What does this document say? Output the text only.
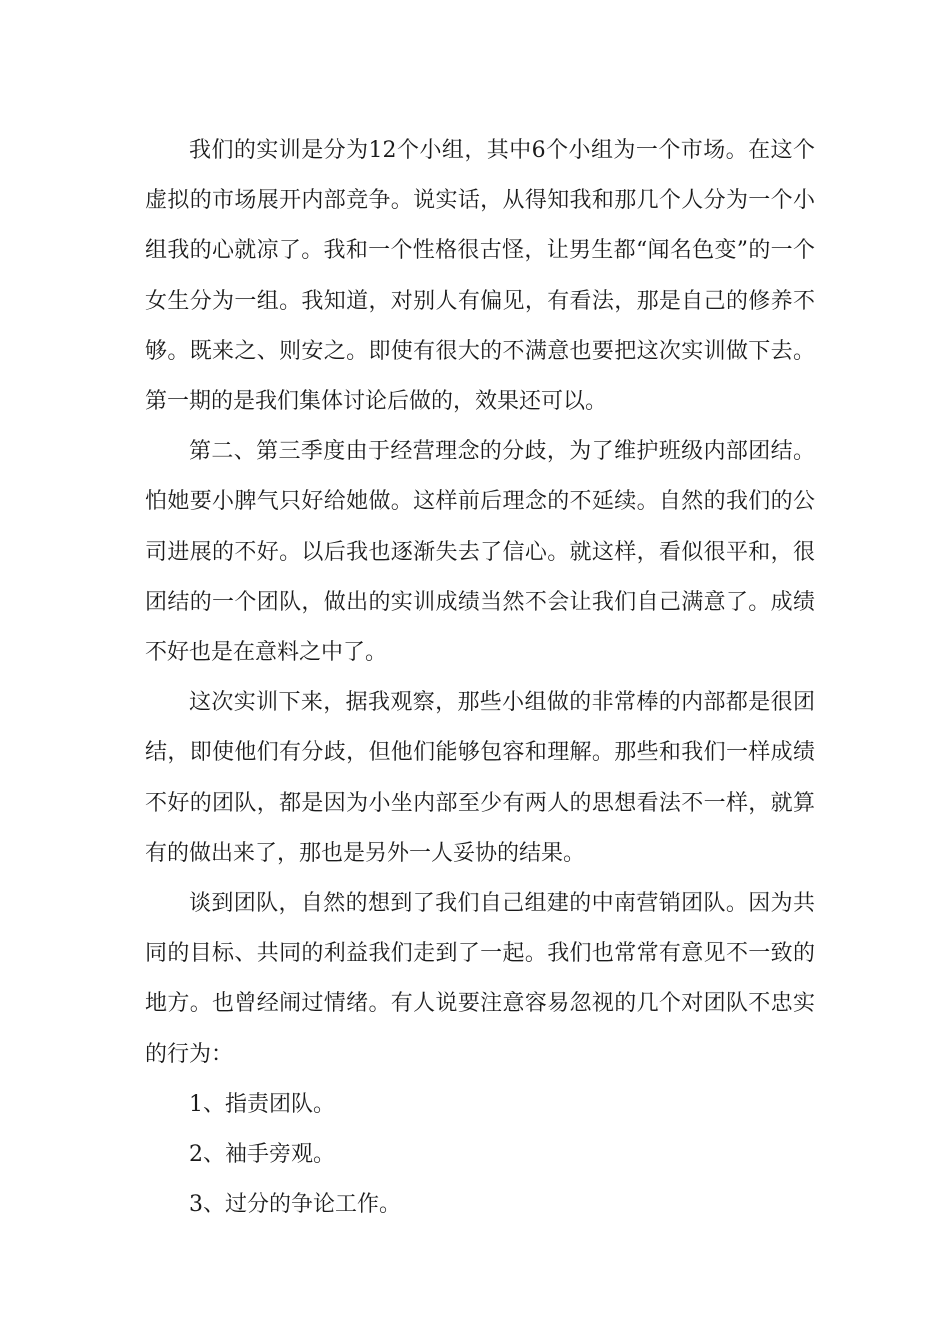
我们的实训是分为12个小组，其中6个小组为一个市场。在这个虚拟的市场展开内部竞争。说实话，从得知我和那几个人分为一个小组我的心就凉了。我和一个性格很古怪，让男生都“闻名色变”的一个女生分为一组。我知道，对别人有偏见，有看法，那是自己的修养不够。既来之、则安之。即使有很大的不满意也要把这次实训做下去。第一期的是我们集体讨论后做的，效果还可以。

第二、第三季度由于经营理念的分歧，为了维护班级内部团结。怕她要小脾气只好给她做。这样前后理念的不延续。自然的我们的公司进展的不好。以后我也逐渐失去了信心。就这样，看似很平和，很团结的一个团队，做出的实训成绩当然不会让我们自己满意了。成绩不好也是在意料之中了。

这次实训下来，据我观察，那些小组做的非常棒的内部都是很团结，即使他们有分歧，但他们能够包容和理解。那些和我们一样成绩不好的团队，都是因为小坐内部至少有两人的思想看法不一样，就算有的做出来了，那也是另外一人妥协的结果。

谈到团队，自然的想到了我们自己组建的中南营销团队。因为共同的目标、共同的利益我们走到了一起。我们也常常有意见不一致的地方。也曾经闹过情绪。有人说要注意容易忽视的几个对团队不忠实的行为：

1、指责团队。

2、袖手旁观。

3、过分的争论工作。
